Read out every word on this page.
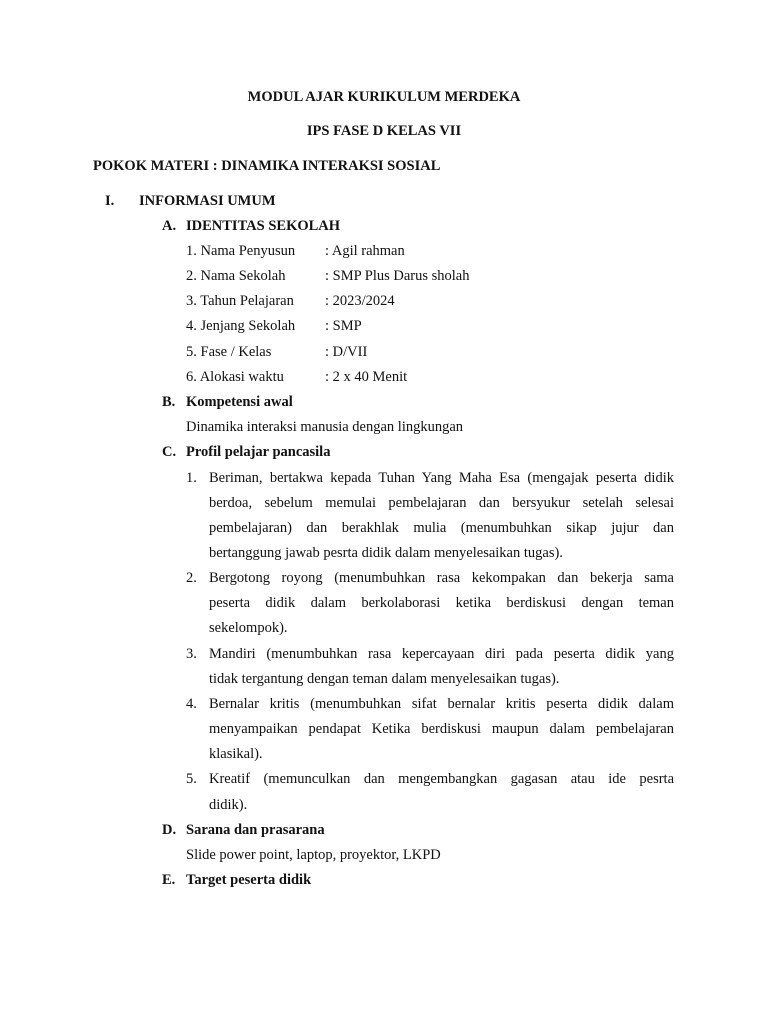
MODUL AJAR KURIKULUM MERDEKA
IPS FASE D KELAS VII
POKOK MATERI : DINAMIKA INTERAKSI SOSIAL
I. INFORMASI UMUM
A. IDENTITAS SEKOLAH
1. Nama Penyusun : Agil rahman
2. Nama Sekolah	: SMP Plus Darus sholah
3. Tahun Pelajaran : 2023/2024
4. Jenjang Sekolah : SMP
5. Fase / Kelas	: D/VII
6. Alokasi waktu	: 2 x 40 Menit
B. Kompetensi awal
Dinamika interaksi manusia dengan lingkungan
C. Profil pelajar pancasila
1. Beriman, bertakwa kepada Tuhan Yang Maha Esa (mengajak peserta didik
berdoa, sebelum memulai pembelajaran dan bersyukur setelah selesai
pembelajaran) dan berakhlak mulia (menumbuhkan sikap jujur dan
bertanggung jawab pesrta didik dalam menyelesaikan tugas).
2. Bergotong royong (menumbuhkan rasa kekompakan dan bekerja sama
peserta didik dalam berkolaborasi ketika berdiskusi dengan teman
sekelompok).
3. Mandiri (menumbuhkan rasa kepercayaan diri pada peserta didik yang
tidak tergantung dengan teman dalam menyelesaikan tugas).
4. Bernalar kritis (menumbuhkan sifat bernalar kritis peserta didik dalam
menyampaikan pendapat Ketika berdiskusi maupun dalam pembelajaran
klasikal).
5. Kreatif (memunculkan dan mengembangkan gagasan atau ide pesrta
didik).
D. Sarana dan prasarana
Slide power point, laptop, proyektor, LKPD
E. Target peserta didik
